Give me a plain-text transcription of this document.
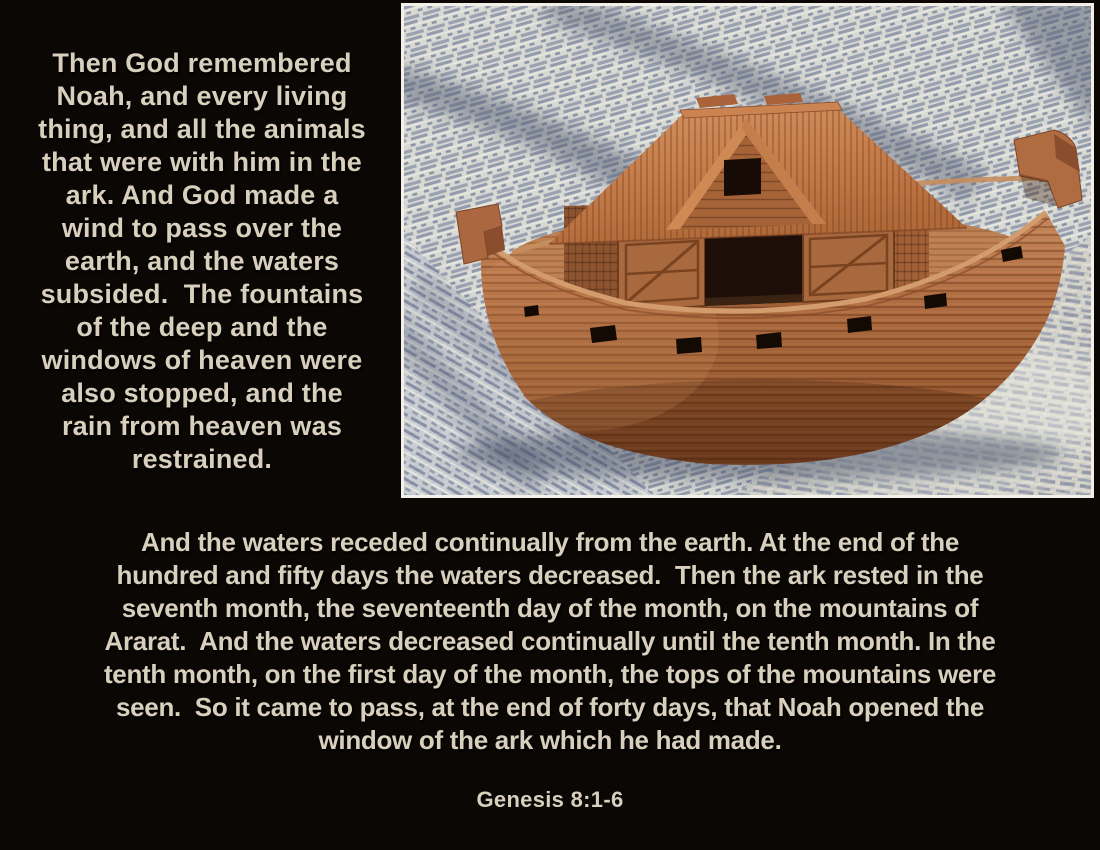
Then God remembered
Noah, and every living
thing, and all the animals
that were with him in the
ark. And God made a
wind to pass over the
earth, and the waters
subsided.  The fountains
of the deep and the
windows of heaven were
also stopped, and the
rain from heaven was
restrained.
And the waters receded continually from the earth. At the end of the
hundred and fifty days the waters decreased.  Then the ark rested in the
seventh month, the seventeenth day of the month, on the mountains of
Ararat.  And the waters decreased continually until the tenth month. In the
tenth month, on the first day of the month, the tops of the mountains were
seen.  So it came to pass, at the end of forty days, that Noah opened the
window of the ark which he had made.
Genesis 8:1-6
